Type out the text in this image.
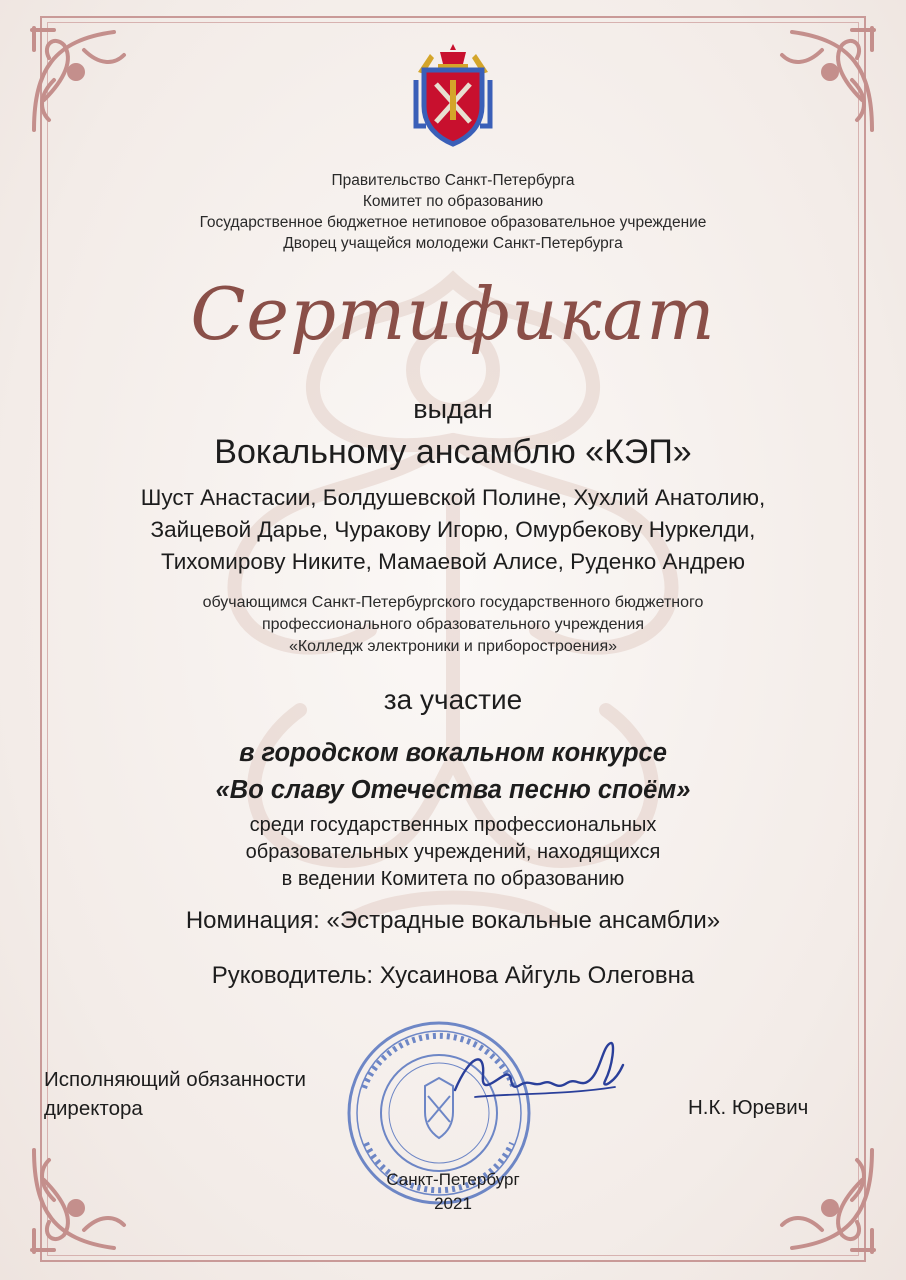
Правительство Санкт-Петербурга
Комитет по образованию
Государственное бюджетное нетиповое образовательное учреждение
Дворец учащейся молодежи Санкт-Петербурга
Сертификат
выдан
Вокальному ансамблю «КЭП»
Шуст Анастасии, Болдушевской Полине, Хухлий Анатолию,
Зайцевой Дарье, Чуракову Игорю, Омурбекову Нуркелди,
Тихомирову Никите, Мамаевой Алисе, Руденко Андрею
обучающимся Санкт-Петербургского государственного бюджетного
профессионального образовательного учреждения
«Колледж электроники и приборостроения»
за участие
в городском вокальном конкурсе
«Во славу Отечества песню споём»
среди государственных профессиональных
образовательных учреждений, находящихся
в ведении Комитета по образованию
Номинация: «Эстрадные вокальные ансамбли»
Руководитель: Хусаинова Айгуль Олеговна
Исполняющий обязанности
директора	Н.К. Юревич
Санкт-Петербург
2021
